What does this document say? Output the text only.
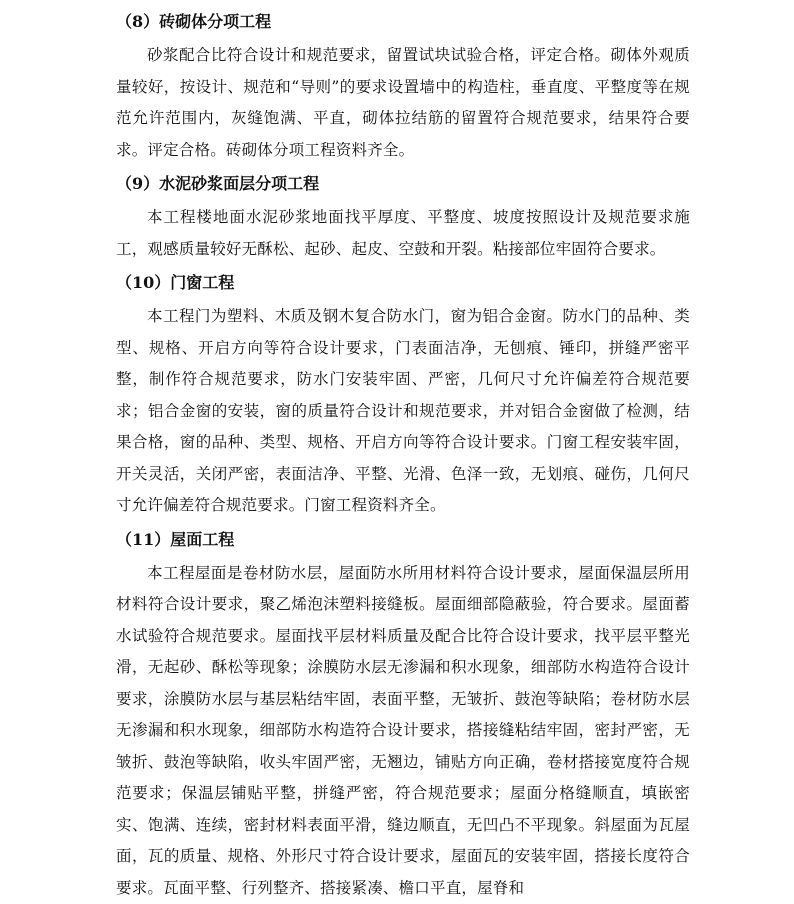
（8）砖砌体分项工程

砂浆配合比符合设计和规范要求，留置试块试验合格，评定合格。砌体外观质量较好，按设计、规范和“导则”的要求设置墙中的构造柱，垂直度、平整度等在规范允许范围内，灰缝饱满、平直，砌体拉结筋的留置符合规范要求，结果符合要求。评定合格。砖砌体分项工程资料齐全。

（9）水泥砂浆面层分项工程

本工程楼地面水泥砂浆地面找平厚度、平整度、坡度按照设计及规范要求施工，观感质量较好无酥松、起砂、起皮、空鼓和开裂。粘接部位牢固符合要求。

（10）门窗工程

本工程门为塑料、木质及钢木复合防水门，窗为铝合金窗。防水门的品种、类型、规格、开启方向等符合设计要求，门表面洁净，无刨痕、锤印，拼缝严密平整，制作符合规范要求，防水门安装牢固、严密，几何尺寸允许偏差符合规范要求；铝合金窗的安装，窗的质量符合设计和规范要求，并对铝合金窗做了检测，结果合格，窗的品种、类型、规格、开启方向等符合设计要求。门窗工程安装牢固，开关灵活，关闭严密，表面洁净、平整、光滑、色泽一致，无划痕、碰伤，几何尺寸允许偏差符合规范要求。门窗工程资料齐全。

（11）屋面工程

本工程屋面是卷材防水层，屋面防水所用材料符合设计要求，屋面保温层所用材料符合设计要求，聚乙烯泡沫塑料接缝板。屋面细部隐蔽验，符合要求。屋面蓄水试验符合规范要求。屋面找平层材料质量及配合比符合设计要求，找平层平整光滑，无起砂、酥松等现象；涂膜防水层无渗漏和积水现象，细部防水构造符合设计要求，涂膜防水层与基层粘结牢固，表面平整，无皱折、鼓泡等缺陷；卷材防水层无渗漏和积水现象，细部防水构造符合设计要求，搭接缝粘结牢固，密封严密，无皱折、鼓泡等缺陷，收头牢固严密，无翘边，铺贴方向正确，卷材搭接宽度符合规范要求；保温层铺贴平整，拼缝严密，符合规范要求；屋面分格缝顺直，填嵌密实、饱满、连续，密封材料表面平滑，缝边顺直，无凹凸不平现象。斜屋面为瓦屋面，瓦的质量、规格、外形尺寸符合设计要求，屋面瓦的安装牢固，搭接长度符合要求。瓦面平整、行列整齐、搭接紧凑、檐口平直，屋脊和
